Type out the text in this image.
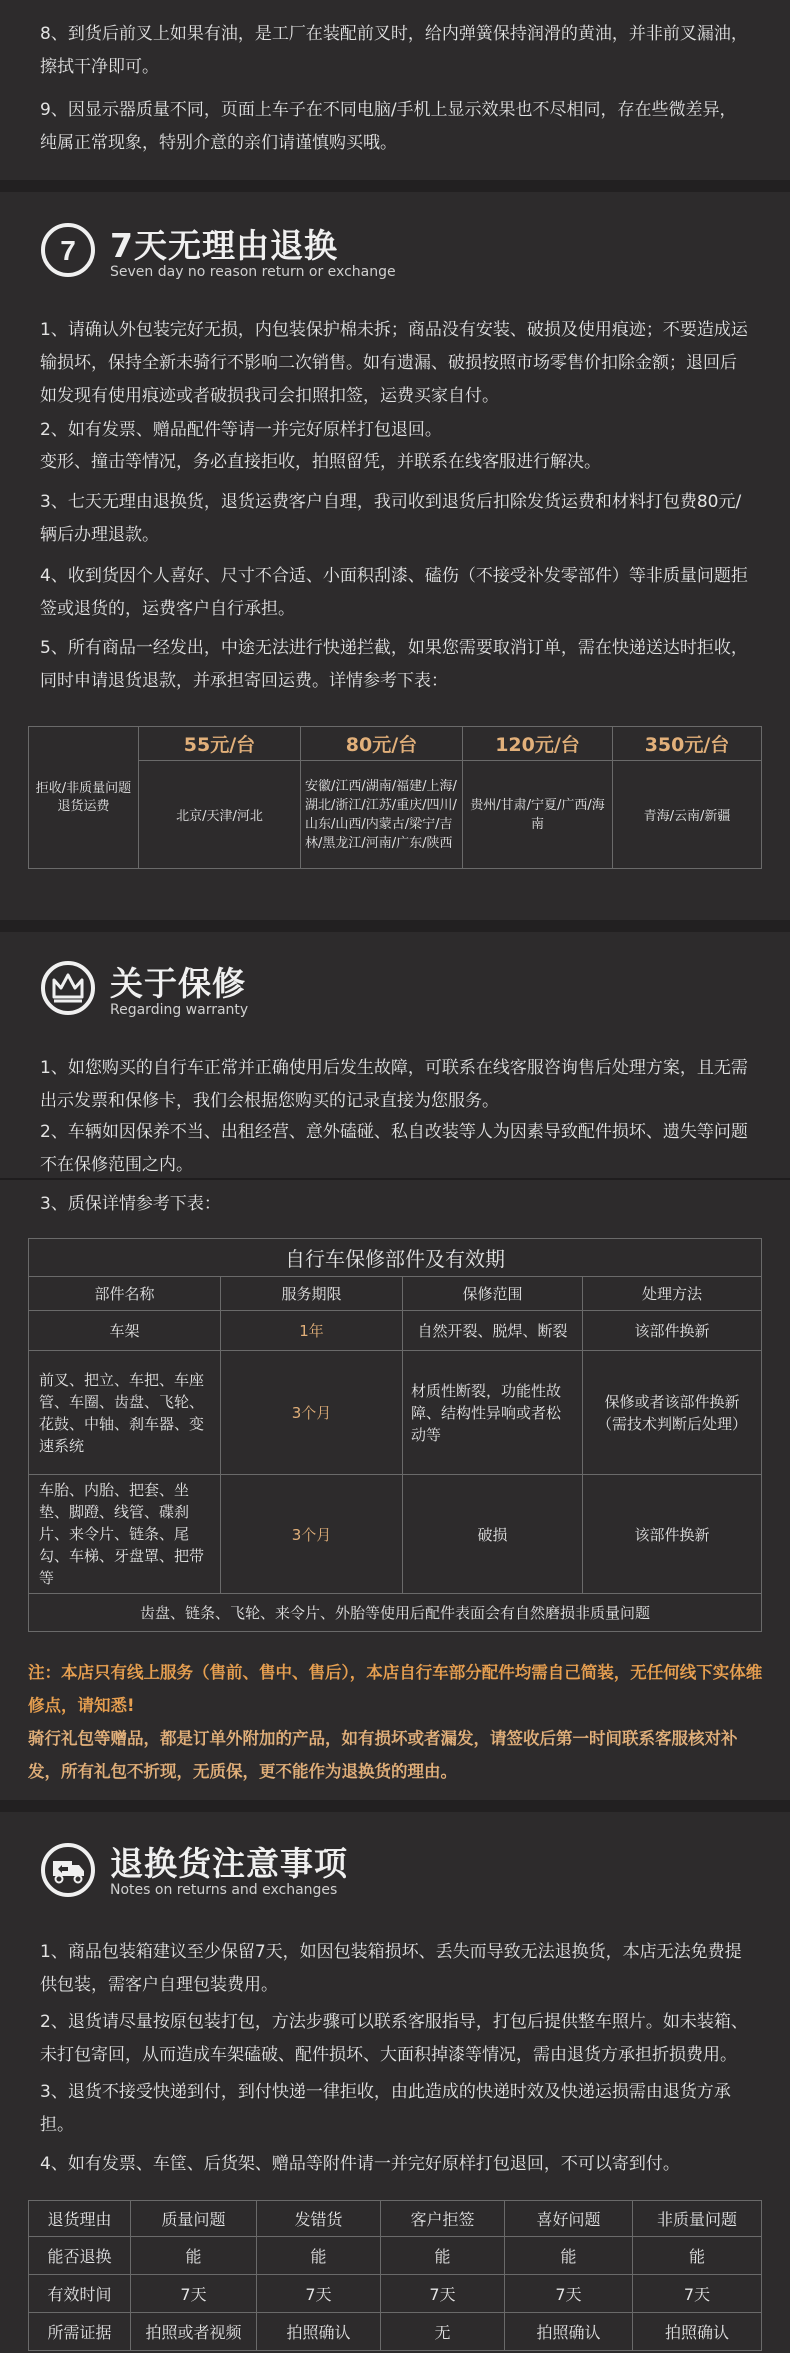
8、到货后前叉上如果有油，是工厂在装配前叉时，给内弹簧保持润滑的黄油，并非前叉漏油，擦拭干净即可。

9、因显示器质量不同，页面上车子在不同电脑/手机上显示效果也不尽相同，存在些微差异，纯属正常现象，特别介意的亲们请谨慎购买哦。

7 7天无理由退换
Seven day no reason return or exchange

1、请确认外包装完好无损，内包装保护棉未拆；商品没有安装、破损及使用痕迹；不要造成运输损坏，保持全新未骑行不影响二次销售。如有遗漏、破损按照市场零售价扣除金额；退回后如发现有使用痕迹或者破损我司会扣照扣签，运费买家自付。

2、如有发票、赠品配件等请一并完好原样打包退回。

变形、撞击等情况，务必直接拒收，拍照留凭，并联系在线客服进行解决。

3、七天无理由退换货，退货运费客户自理，我司收到退货后扣除发货运费和材料打包费80元/辆后办理退款。

4、收到货因个人喜好、尺寸不合适、小面积刮漆、磕伤（不接受补发零部件）等非质量问题拒签或退货的，运费客户自行承担。

5、所有商品一经发出，中途无法进行快递拦截，如果您需要取消订单，需在快递送达时拒收，同时申请退货退款，并承担寄回运费。详情参考下表：

拒收/非质量问题
退货运费	55元/台	80元/台	120元/台	350元/台
	北京/天津/河北	安徽/江西/湖南/福建/上海/湖北/浙江/江苏/重庆/四川/山东/山西/内蒙古/梁宁/吉林/黑龙江/河南/广东/陕西	贵州/甘肃/宁夏/广西/海南	青海/云南/新疆
关于保修
Regarding warranty

1、如您购买的自行车正常并正确使用后发生故障，可联系在线客服咨询售后处理方案，且无需出示发票和保修卡，我们会根据您购买的记录直接为您服务。

2、车辆如因保养不当、出租经营、意外磕碰、私自改装等人为因素导致配件损坏、遗失等问题不在保修范围之内。

3、质保详情参考下表：

自行车保修部件及有效期			
部件名称	服务期限	保修范围	处理方法
车架	1年	自然开裂、脱焊、断裂	该部件换新
前叉、把立、车把、车座管、车圈、齿盘、飞轮、花鼓、中轴、刹车器、变速系统	3个月	材质性断裂，功能性故障、结构性异响或者松动等	保修或者该部件换新（需技术判断后处理）
车胎、内胎、把套、坐垫、脚蹬、线管、碟刹片、来令片、链条、尾勾、车梯、牙盘罩、把带等	3个月	破损	该部件换新
齿盘、链条、飞轮、来令片、外胎等使用后配件表面会有自然磨损非质量问题			

注：本店只有线上服务（售前、售中、售后），本店自行车部分配件均需自己简装，无任何线下实体维修点，请知悉!

骑行礼包等赠品，都是订单外附加的产品，如有损坏或者漏发，请签收后第一时间联系客服核对补发，所有礼包不折现，无质保，更不能作为退换货的理由。

退换货注意事项
Notes on returns and exchanges

1、商品包装箱建议至少保留7天，如因包装箱损坏、丢失而导致无法退换货，本店无法免费提供包装，需客户自理包装费用。

2、退货请尽量按原包装打包，方法步骤可以联系客服指导，打包后提供整车照片。如未装箱、未打包寄回，从而造成车架磕破、配件损坏、大面积掉漆等情况，需由退货方承担折损费用。

3、退货不接受快递到付，到付快递一律拒收，由此造成的快递时效及快递运损需由退货方承担。

4、如有发票、车筐、后货架、赠品等附件请一并完好原样打包退回，不可以寄到付。

退货理由	质量问题	发错货	客户拒签	喜好问题	非质量问题
能否退换	能	能	能	能	能
有效时间	7天	7天	7天	7天	7天
所需证据	拍照或者视频	拍照确认	无	拍照确认	拍照确认
